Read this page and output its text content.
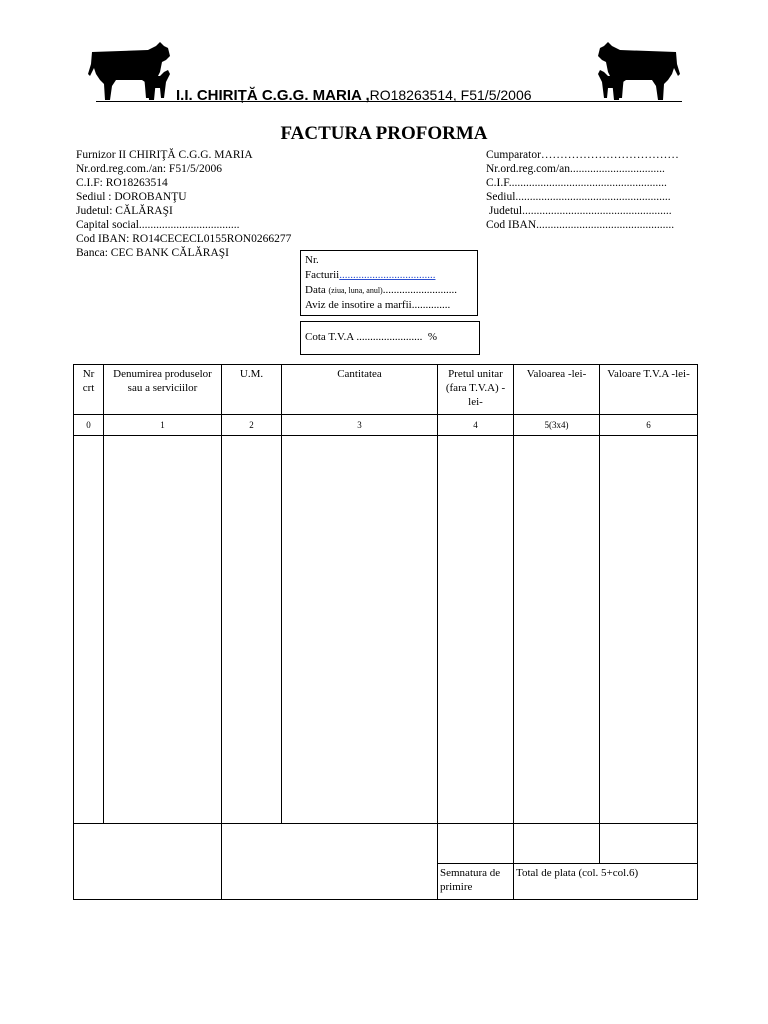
I.I. CHIRIȚĂ C.G.G. MARIA ,RO18263514, F51/5/2006
FACTURA PROFORMA
Furnizor II CHIRIŢĂ C.G.G. MARIA
Nr.ord.reg.com./an: F51/5/2006
C.I.F: RO18263514
Sediul : DOROBANŢU
Judetul: CĂLĂRAŞI
Capital social...................................
Cod IBAN: RO14CECECL0155RON0266277
Banca: CEC BANK CĂLĂRAŞI
Cumparator………………………………
Nr.ord.reg.com/an.................................
C.I.F.......................................................
Sediul......................................................
Judetul....................................................
Cod IBAN................................................
Nr.
Facturii...................................
Data (ziua, luna, anul)...........................
Aviz de insotire a marfii..............
Cota T.V.A ........................  %
Nr crt	Denumirea produselor sau a serviciilor	U.M.	Cantitatea	Pretul unitar (fara T.V.A) -lei-	Valoarea -lei-	Valoare T.V.A -lei-
0	1	2	3	4	5(3x4)	6

				Semnatura de primire	Total de plata (col. 5+col.6)	
